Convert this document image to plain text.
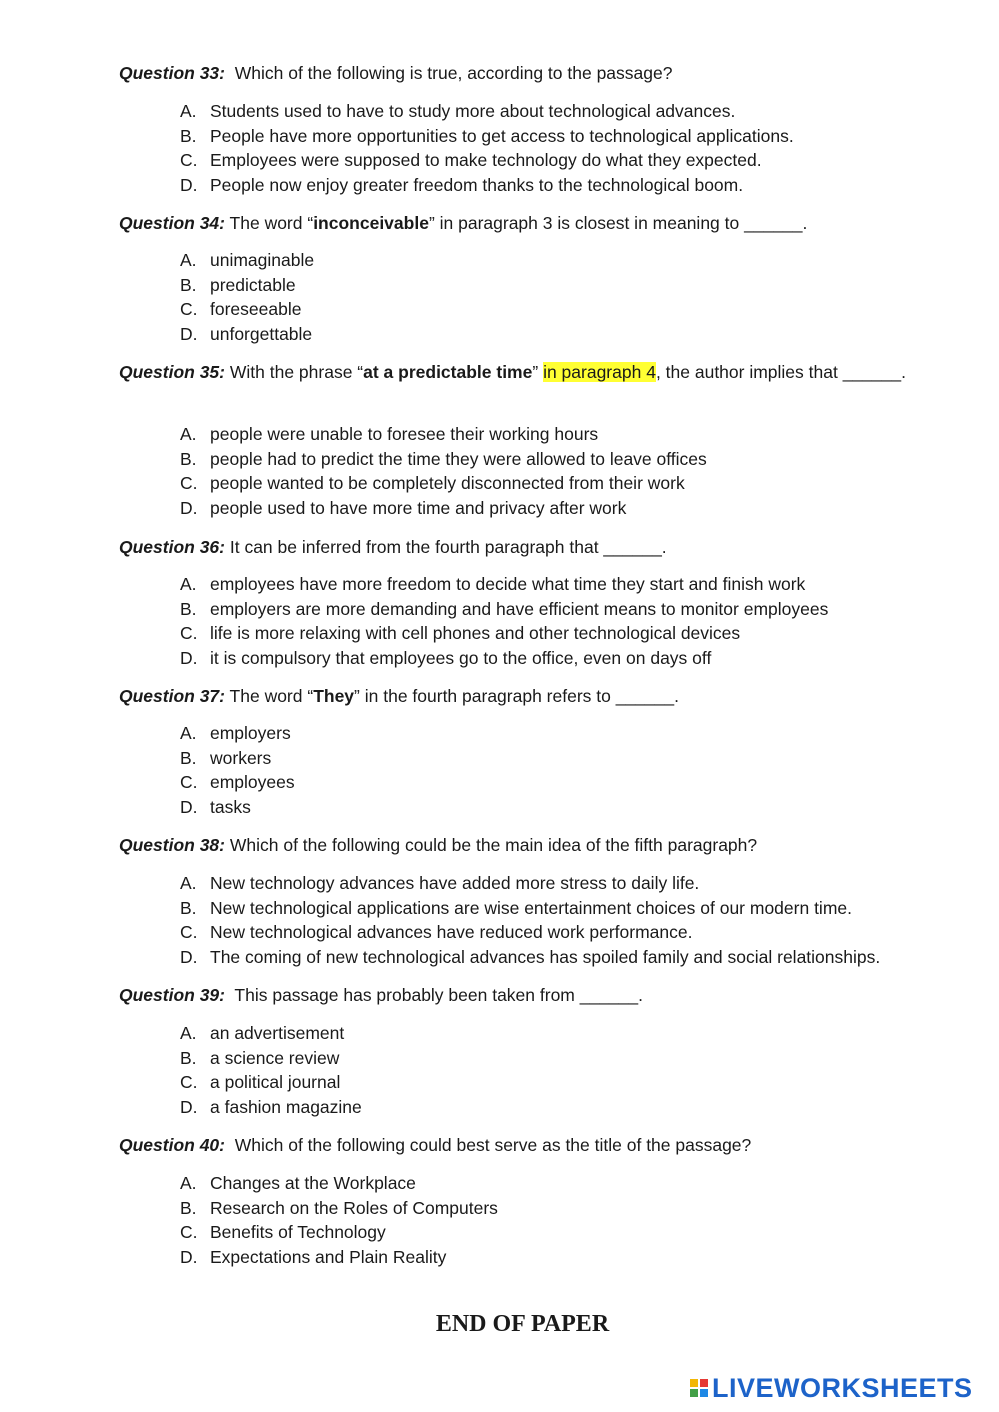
Question 33:  Which of the following is true, according to the passage?
A. Students used to have to study more about technological advances.
B. People have more opportunities to get access to technological applications.
C. Employees were supposed to make technology do what they expected.
D. People now enjoy greater freedom thanks to the technological boom.
Question 34: The word “inconceivable” in paragraph 3 is closest in meaning to ______.
A. unimaginable
B. predictable
C. foreseeable
D. unforgettable
Question 35: With the phrase “at a predictable time” in paragraph 4, the author implies that ______.
A. people were unable to foresee their working hours
B. people had to predict the time they were allowed to leave offices
C. people wanted to be completely disconnected from their work
D. people used to have more time and privacy after work
Question 36: It can be inferred from the fourth paragraph that ______.
A. employees have more freedom to decide what time they start and finish work
B. employers are more demanding and have efficient means to monitor employees
C. life is more relaxing with cell phones and other technological devices
D. it is compulsory that employees go to the office, even on days off
Question 37: The word “They” in the fourth paragraph refers to ______.
A. employers
B. workers
C. employees
D. tasks
Question 38: Which of the following could be the main idea of the fifth paragraph?
A. New technology advances have added more stress to daily life.
B. New technological applications are wise entertainment choices of our modern time.
C. New technological advances have reduced work performance.
D. The coming of new technological advances has spoiled family and social relationships.
Question 39:  This passage has probably been taken from ______.
A. an advertisement
B. a science review
C. a political journal
D. a fashion magazine
Question 40:  Which of the following could best serve as the title of the passage?
A. Changes at the Workplace
B. Research on the Roles of Computers
C. Benefits of Technology
D. Expectations and Plain Reality
END OF PAPER
LIVEWORKSHEETS
